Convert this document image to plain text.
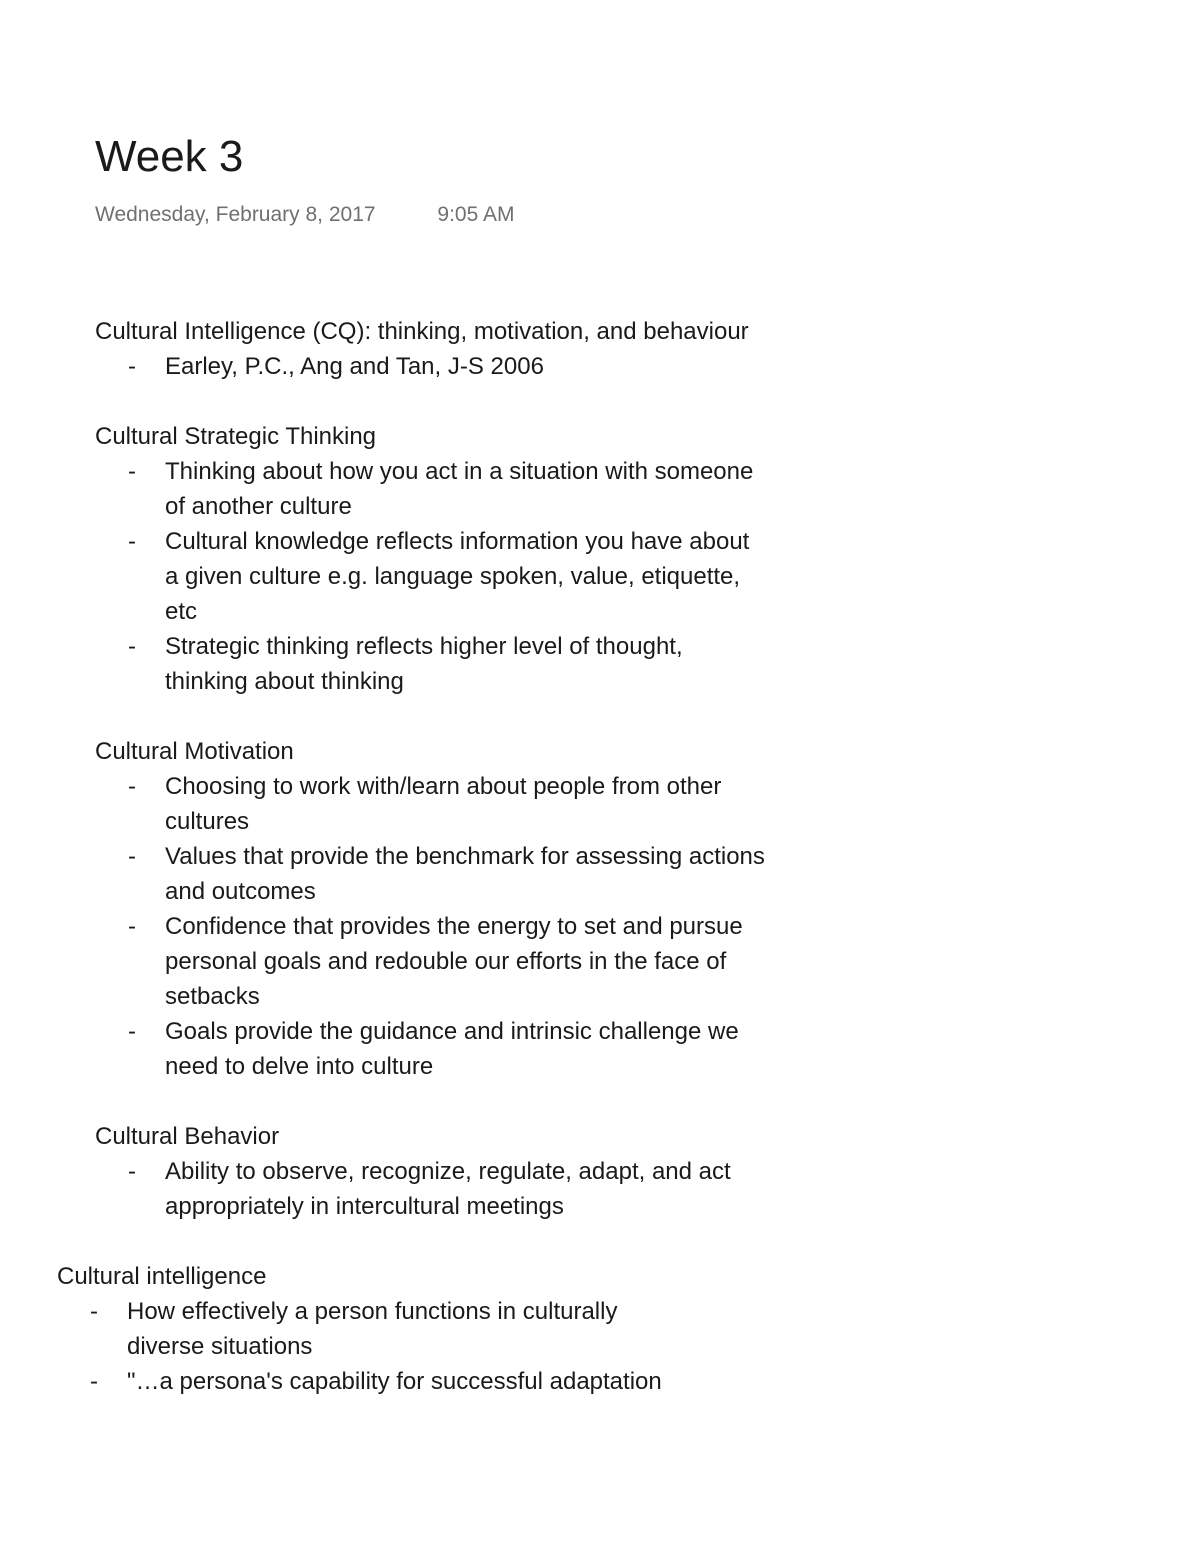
Week 3
Wednesday, February 8, 2017	9:05 AM

Cultural Intelligence (CQ): thinking, motivation, and behaviour

- Earley, P.C., Ang and Tan, J-S 2006

Cultural Strategic Thinking

- Thinking about how you act in a situation with someone of another culture
- Cultural knowledge reflects information you have about a given culture e.g. language spoken, value, etiquette, etc
- Strategic thinking reflects higher level of thought, thinking about thinking

Cultural Motivation

- Choosing to work with/learn about people from other cultures
- Values that provide the benchmark for assessing actions and outcomes
- Confidence that provides the energy to set and pursue personal goals and redouble our efforts in the face of setbacks
- Goals provide the guidance and intrinsic challenge we need to delve into culture

Cultural Behavior

- Ability to observe, recognize, regulate, adapt, and act appropriately in intercultural meetings

Cultural intelligence

- How effectively a person functions in culturally diverse situations
- "…a persona's capability for successful adaptation
